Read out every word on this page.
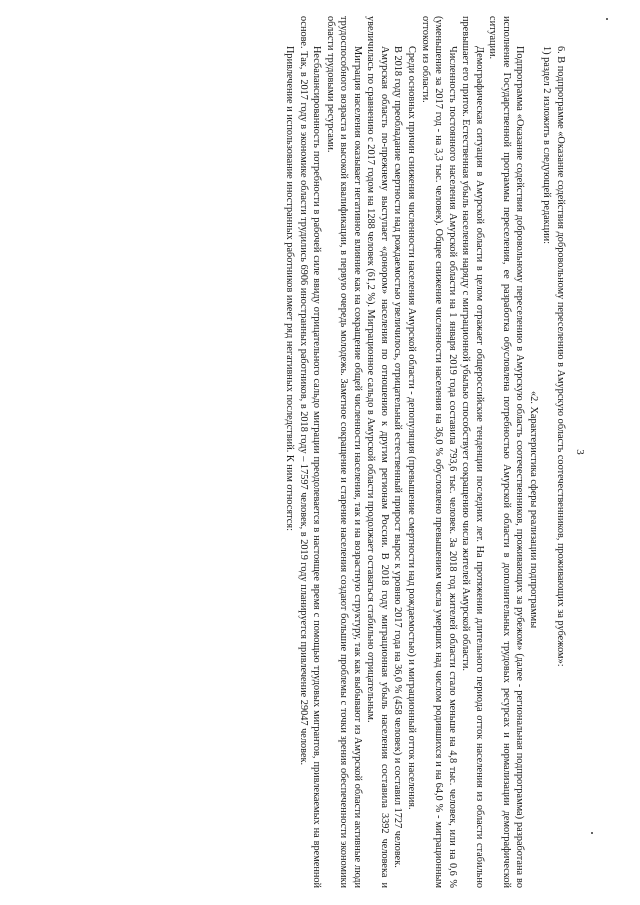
3

6. В подпрограмме «Оказание содействия добровольному переселению в Амурскую область соотечественников, проживающих за рубежом»:

1) раздел 2 изложить в следующей редакции:

«2. Характеристика сферы реализации подпрограммы

Подпрограмма «Оказание содействия добровольному переселению в Амурскую область соотечественников, проживающих за рубежом» (далее - региональная подпрограмма) разработана во исполнение Государственной программы переселения, ее разработка обусловлена потребностью Амурской области в дополнительных трудовых ресурсах и нормализации демографической ситуации.

Демографическая ситуация в Амурской области в целом отражает общероссийские тенденции последних лет. На протяжении длительного периода отток населения из области стабильно превышает его приток. Естественная убыль населения наряду с миграционной убылью способствует сокращению числа жителей Амурской области.

Численность постоянного населения Амурской области на 1 января 2019 года составила 793,6 тыс. человек. За 2018 год жителей области стало меньше на 4,8 тыс. человек, или на 0,6 % (уменьшение за 2017 год - на 3,3 тыс. человек). Общее снижение численности населения на 36,0 % обусловлено превышением числа умерших над числом родившихся и на 64,0 % - миграционным оттоком из области.

Среди основных причин снижения численности населения Амурской области - депопуляция (превышение смертности над рождаемостью) и миграционный отток населения.

В 2018 году преобладание смертности над рождаемостью увеличилось, отрицательный естественный прирост вырос к уровню 2017 года на 36,0 % (458 человек) и составил 1727 человек.

Амурская область по-прежнему выступает «донором» населения по отношению к другим регионам России. В 2018 году миграционная убыль населения составила 3392 человека и увеличилась по сравнению с 2017 годом на 1288 человек (61,2 %). Миграционное сальдо в Амурской области продолжает оставаться стабильно отрицательным.

Миграция населения оказывает негативное влияние как на сокращение общей численности населения, так и на возрастную структуру, так как выбывают из Амурской области активные люди трудоспособного возраста и высокой квалификации, в первую очередь молодежь. Заметное сокращение и старение населения создают большие проблемы с точки зрения обеспеченности экономики области трудовыми ресурсами.

Несбалансированность потребности в рабочей силе ввиду отрицательного сальдо миграции преодолевается в настоящее время с помощью трудовых мигрантов, привлекаемых на временной основе. Так, в 2017 году в экономике области трудились 6906 иностранных работников, в 2018 году – 17597 человек, в 2019 году планируется привлечение 29047 человек.

Привлечение и использование иностранных работников имеет ряд негативных последствий. К ним относятся:
